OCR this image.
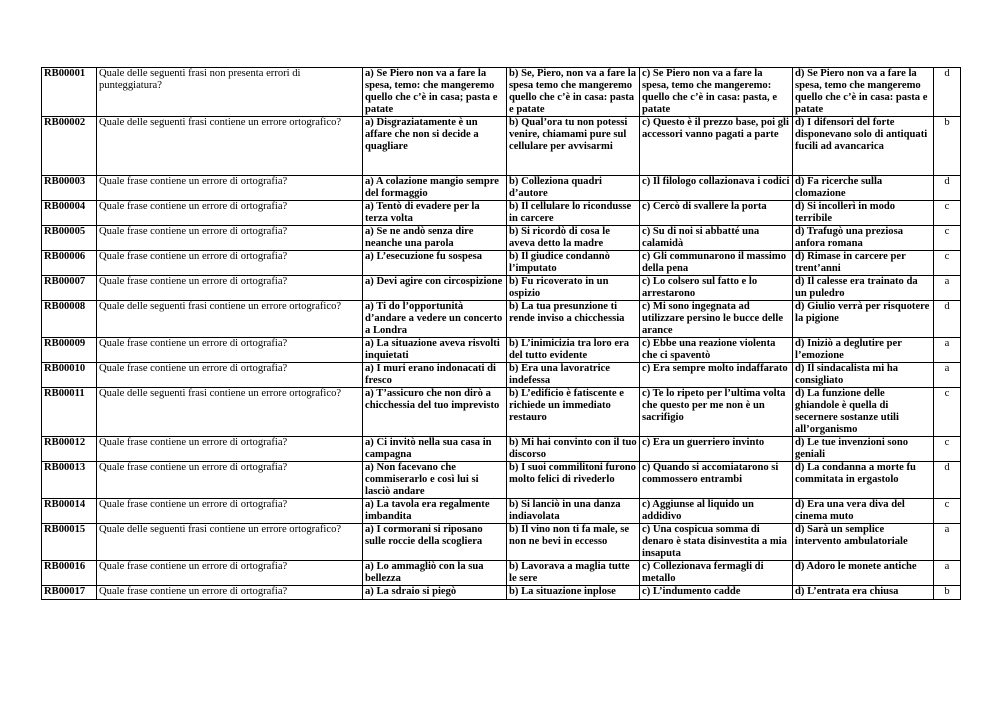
RB00001	Quale delle seguenti frasi non presenta errori di punteggiatura?	a) Se Piero non va a fare la spesa, temo: che mangeremo quello che c’è in casa; pasta e patate	b) Se, Piero, non va a fare la spesa temo che mangeremo quello che c’è in casa: pasta e patate	c) Se Piero non va a fare la spesa, temo che mangeremo: quello che c’è in casa: pasta, e patate	d) Se Piero non va a fare la spesa, temo che mangeremo quello che c’è in casa: pasta e patate	d
RB00002	Quale delle seguenti frasi contiene un errore ortografico?	a) Disgraziatamente è un affare che non si decide a quagliare	b) Qual’ora tu non potessi venire, chiamami pure sul cellulare per avvisarmi	c) Questo è il prezzo base, poi gli accessori vanno pagati a parte	d) I difensori del forte disponevano solo di antiquati fucili ad avancarica	b
RB00003	Quale frase contiene un errore di ortografia?	a) A colazione mangio sempre del formaggio	b) Colleziona quadri d’autore	c) Il filologo collazionava i codici	d) Fa ricerche sulla clomazione	d
RB00004	Quale frase contiene un errore di ortografia?	a) Tentò di evadere per la terza volta	b) Il cellulare lo ricondusse in carcere	c) Cercò di svallere la porta	d) Si incollerì in modo terribile	c
RB00005	Quale frase contiene un errore di ortografia?	a) Se ne andò senza dire neanche una parola	b) Si ricordò di cosa le aveva detto la madre	c) Su di noi si abbatté una calamidà	d) Trafugò una preziosa anfora romana	c
RB00006	Quale frase contiene un errore di ortografia?	a) L’esecuzione fu sospesa	b) Il giudice condannò l’imputato	c) Gli communarono il massimo della pena	d) Rimase in carcere per trent’anni	c
RB00007	Quale frase contiene un errore di ortografia?	a) Devi agire con circospizione	b) Fu ricoverato in un ospizio	c) Lo colsero sul fatto e lo arrestarono	d) Il calesse era trainato da un puledro	a
RB00008	Quale delle seguenti frasi contiene un errore ortografico?	a) Ti do l’opportunità d’andare a vedere un concerto a Londra	b) La tua presunzione ti rende inviso a chicchessia	c) Mi sono ingegnata ad utilizzare persino le bucce delle arance	d) Giulio verrà per risquotere la pigione	d
RB00009	Quale frase contiene un errore di ortografia?	a) La situazione aveva risvolti inquietati	b) L’inimicizia tra loro era del tutto evidente	c) Ebbe una reazione violenta che ci spaventò	d) Iniziò a deglutire per l’emozione	a
RB00010	Quale frase contiene un errore di ortografia?	a) I muri erano indonacati di fresco	b) Era una lavoratrice indefessa	c) Era sempre molto indaffarato	d) Il sindacalista mi ha consigliato	a
RB00011	Quale delle seguenti frasi contiene un errore ortografico?	a) T’assicuro che non dirò a chicchessia del tuo imprevisto	b) L’edificio è fatiscente e richiede un immediato restauro	c) Te lo ripeto per l’ultima volta che questo per me non è un sacrifigio	d) La funzione delle ghiandole è quella di secernere sostanze utili all’organismo	c
RB00012	Quale frase contiene un errore di ortografia?	a) Ci invitò nella sua casa in campagna	b) Mi hai convinto con il tuo discorso	c) Era un guerriero invinto	d) Le tue invenzioni sono geniali	c
RB00013	Quale frase contiene un errore di ortografia?	a) Non facevano che commiserarlo e così lui si lasciò andare	b) I suoi commilitoni furono molto felici di rivederlo	c) Quando si accomiatarono si commossero entrambi	d) La condanna a morte fu commitata in ergastolo	d
RB00014	Quale frase contiene un errore di ortografia?	a) La tavola era regalmente imbandita	b) Si lanciò in una danza indiavolata	c) Aggiunse al liquido un addidivo	d) Era una vera diva del cinema muto	c
RB00015	Quale delle seguenti frasi contiene un errore ortografico?	a) I cormorani si riposano sulle roccie della scogliera	b) Il vino non ti fa male, se non ne bevi in eccesso	c) Una cospicua somma di denaro è stata disinvestita a mia insaputa	d) Sarà un semplice intervento ambulatoriale	a
RB00016	Quale frase contiene un errore di ortografia?	a) Lo ammagliò con la sua bellezza	b) Lavorava a maglia tutte le sere	c) Collezionava fermagli di metallo	d) Adoro le monete antiche	a
RB00017	Quale frase contiene un errore di ortografia?	a) La sdraio si piegò	b) La situazione inplose	c) L’indumento cadde	d) L’entrata era chiusa	b
